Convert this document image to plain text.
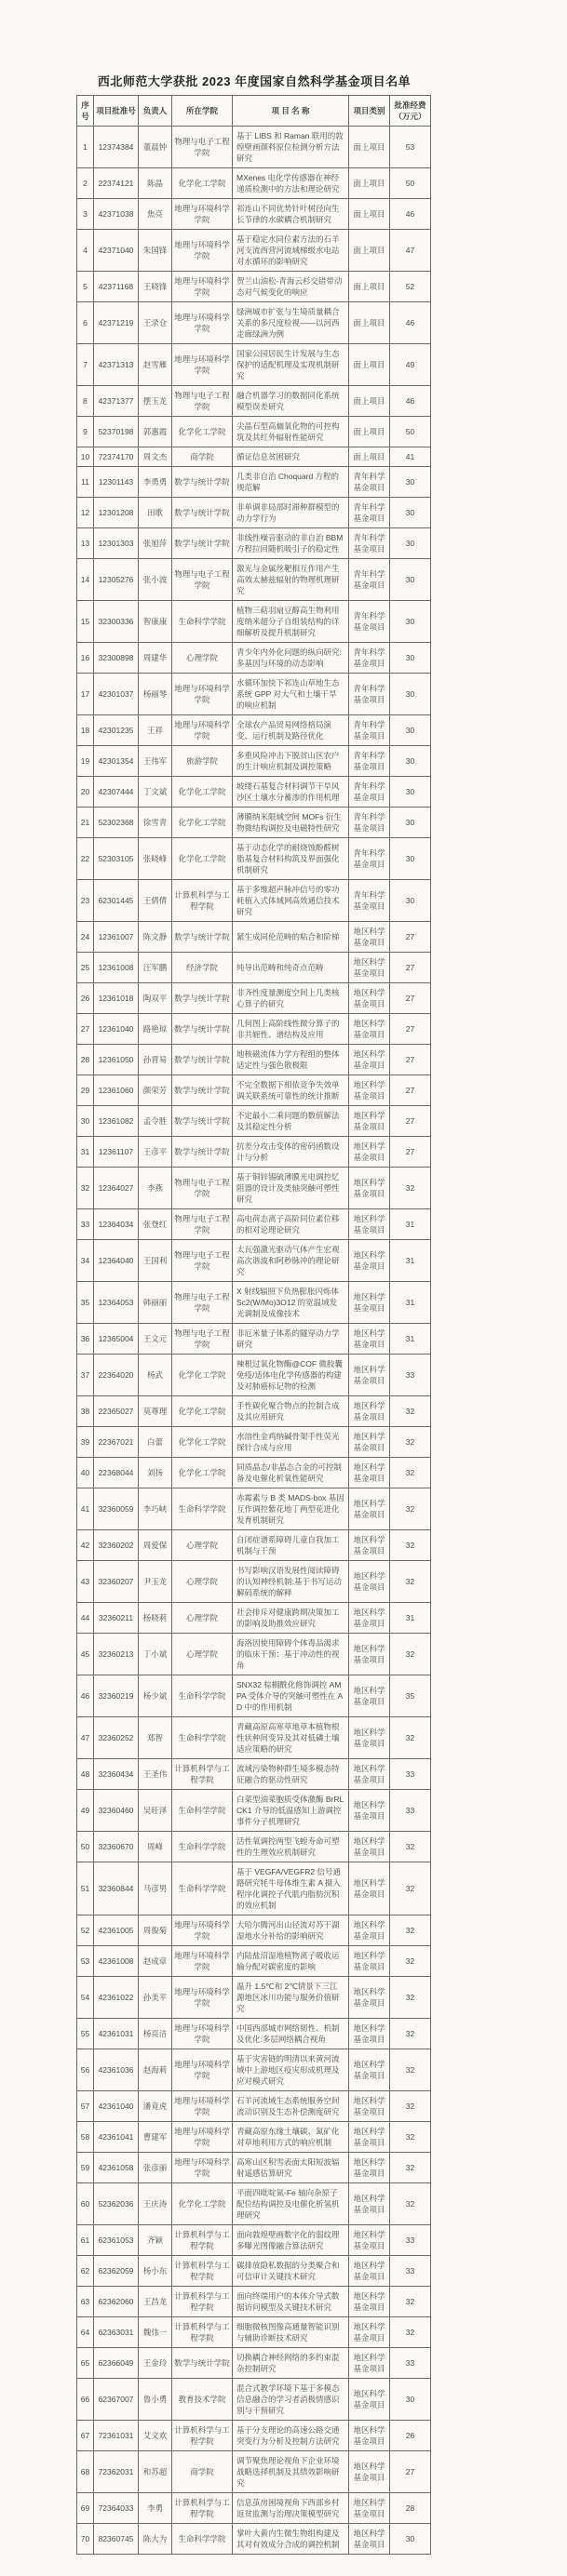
西北师范大学获批 2023 年度国家自然科学基金项目名单
序号	项目批准号	负责人	所在学院	项 目 名 称	项目类别	批准经费
（万元）
1	12374384	董晨钟	物理与电子工程学院	基于 LIBS 和 Raman 联用的敦煌壁画颜料原位检测分析方法研究	面上项目	53
2	22374121	陈晶	化学化工学院	MXenes 电化学传感器在神经递质检测中的方法和理论研究	面上项目	50
3	42371038	焦亮	地理与环境科学学院	祁连山不同优势针叶树径向生长节律的水碳耦合机制研究	面上项目	46
4	42371040	朱国锋	地理与环境科学学院	基于稳定水同位素方法的石羊河支流西营河流域梯级水电站对水循环的影响研究	面上项目	47
5	42371168	王晓锋	地理与环境科学学院	贺兰山油松-青海云杉交错带动态对气候变化的响应	面上项目	52
6	42371219	王录仓	地理与环境科学学院	绿洲城市扩张与生境质量耦合关系的多尺度检视——以河西走廊绿洲为例	面上项目	46
7	42371313	赵雪雁	地理与环境科学学院	国家公园居民生计发展与生态保护的适配机理及实现机制研究	面上项目	49
8	42371377	摆玉龙	物理与电子工程学院	融合机器学习的数据同化系统模型误差研究	面上项目	46
9	52370198	郭惠霞	化学化工学院	尖晶石型高熵氧化物的可控构筑及其红外辐射性能研究	面上项目	50
10	72374170	周文杰	商学院	循证信息贫困研究	面上项目	41
11	12301143	李勇勇	数学与统计学院	几类非自治 Choquard 方程的规范解	青年科学基金项目	30
12	12301208	田歌	数学与统计学院	非单调非局部时滞种群模型的动力学行为	青年科学基金项目	30
13	12301303	张旭萍	数学与统计学院	非线性噪音驱动的非自治 BBM 方程拉回随机吸引子的稳定性	青年科学基金项目	30
14	12305276	张小波	物理与电子工程学院	激光与金属丝靶相互作用产生高效太赫兹辐射的物理机理研究	青年科学基金项目	30
15	32300336	智康康	生命科学学院	植物三萜羽扇豆醇高生物利用度纳米超分子自组装结构的详细解析及提升机制研究	青年科学基金项目	30
16	32300898	周建华	心理学院	青少年内外化问题的纵向研究:多基因与环境的动态影响	青年科学基金项目	30
17	42301037	杨丽琴	地理与环境科学学院	水循环加快下祁连山草地生态系统 GPP 对大气和土壤干旱的响应机制	青年科学基金项目	30
18	42301235	王祥	地理与环境科学学院	全球农产品贸易网络格局演变、运行机制及路径优化	青年科学基金项目	30
19	42301354	王伟军	旅游学院	多重风险冲击下脱贫山区农户的生计响应机制及调控策略	青年科学基金项目	30
20	42307444	丁文斌	化学化工学院	坡缕石基复合材料调节干旱风沙区土壤水分蓄渗的作用机理	青年科学基金项目	30
21	52302368	徐雪青	化学化工学院	薄膜纳米限域空间 MOFs 衍生物微结构调控及电磁特性研究	青年科学基金项目	30
22	52303105	张晓峰	化学化工学院	基于动态化学的耐烧蚀酚醛树脂基复合材料构筑及界面强化机制研究	青年科学基金项目	30
23	62301445	王倩倩	计算机科学与工程学院	基于多维超声脉冲信号的零功耗植入式体域网高效通信技术研究	青年科学基金项目	30
24	12361007	陈文静	数学与统计学院	紧生成同伦范畴的粘合和阶梯	地区科学基金项目	27
25	12361008	汪军鹏	经济学院	纯导出范畴和纯奇点范畴	地区科学基金项目	27
26	12361018	陶双平	数学与统计学院	非齐性度量测度空间上几类核心算子的研究	地区科学基金项目	27
27	12361040	路艳琼	数学与统计学院	几何图上高阶线性微分算子的非共轭性、谱结构及应用	地区科学基金项目	27
28	12361050	孙晋易	数学与统计学院	地核磁流体力学方程组的整体适定性与强色散极限	地区科学基金项目	27
29	12361060	颜荣芳	数学与统计学院	不完全数据下相依竞争失效单调关联系统可靠性的统计推断	地区科学基金项目	27
30	12361082	孟令胜	数学与统计学院	不定最小二乘问题的数值解法及其稳定性分析	地区科学基金项目	27
31	12361107	王彦平	数学与统计学院	抗差分攻击变体的密码函数设计与分析	地区科学基金项目	27
32	12364027	李燕	物理与电子工程学院	基于铜锌锡硫薄膜光电调控忆阻器的设计及类轴突触可塑性研究	地区科学基金项目	32
33	12364034	张登红	物理与电子工程学院	高电荷态离子高阶同位素位移的相对论理论研究	地区科学基金项目	31
34	12364040	王国利	物理与电子工程学院	太瓦强激光驱动气体产生宏观高次谐波和阿秒脉冲的理论研究	地区科学基金项目	31
35	12364053	韩丽丽	物理与电子工程学院	X 射线辐照下负热膨胀闪烁体 Sc2(W/Mo)3O12 的宽温域发光调制及成像技术	地区科学基金项目	31
36	12365004	王文元	物理与电子工程学院	非厄米量子体系的隧穿动力学研究	地区科学基金项目	31
37	22364020	杨武	化学化工学院	辣根过氧化物酶@COF 微胶囊免疫/适体电化学传感器的构建及对肺癌标记物的检测	地区科学基金项目	33
38	22365027	莫尊理	化学化工学院	手性碳化聚合物点的控制合成及其应用研究	地区科学基金项目	32
39	22367021	白蕾	化学化工学院	水溶性金鸡纳碱骨架手性荧光探针合成与应用	地区科学基金项目	32
40	22368044	刘扬	化学化工学院	同质晶态/非晶态合金的可控制备及电催化析氧性能研究	地区科学基金项目	32
41	32360059	李巧峡	生命科学学院	赤霉素与 B 类 MADS-box 基因互作调控紫花地丁两型花进化发育机制研究	地区科学基金项目	32
42	32360202	周爱保	心理学院	自闭症谱系障碍儿童自我加工机制与干预	地区科学基金项目	32
43	32360207	尹玉龙	心理学院	书写影响汉语发展性阅读障碍的认知神经机制:基于书写运动解码系统的解释	地区科学基金项目	32
44	32360211	杨晓莉	心理学院	社会排斥对健康跨期决策加工的影响及助推效应研究	地区科学基金项目	31
45	32360213	丁小斌	心理学院	海洛因使用障碍个体毒品渴求的临床干预：基于冲动性的视角	地区科学基金项目	32
46	32360219	杨少斌	生命科学学院	SNX32 棕榈酰化修饰调控 AMPA 受体介导的突触可塑性在 AD 中的作用机制	地区科学基金项目	35
47	32360252	郑智	生命科学学院	青藏高原高寒草地草本植物根性状种间变异及其对低磷土壤适应策略的研究	地区科学基金项目	32
48	32360434	王圣伟	计算机科学与工程学院	流域污染物种群生境多模态特征融合的驱动性研究	地区科学基金项目	33
49	32360460	吴旺泽	生命科学学院	白菜型油菜胞质受体激酶 BrRLCK1 介导的低温感知上游调控事件分子机理研究	地区科学基金项目	33
50	32360670	周峰	生命科学学院	活性氧调控两型飞蝗寿命可塑性的生理效应机制研究	地区科学基金项目	32
51	32360844	马彦男	生命科学学院	基于 VEGFA/VEGFR2 信号通路研究牦牛母体维生素 A 摄入程序化调控子代肌内脂肪沉积的效应机制	地区科学基金项目	32
52	42361005	周俊菊	地理与环境科学学院	大哈尔腾河出山径流对苏干湖湿地水分补给的影响研究	地区科学基金项目	32
53	42361008	赵成章	地理与环境科学学院	内陆盐沼湿地植物离子吸收运输分配对碳密度的影响	地区科学基金项目	32
54	42361022	孙美平	地理与环境科学学院	温升 1.5℃和 2℃情景下三江源地区冰川功能与服务价值研究	地区科学基金项目	32
55	42361031	杨亮洁	地理与环境科学学院	中国西部城市网络韧性、机制及优化:多层网络耦合视角	地区科学基金项目	32
56	42361036	赵海莉	地理与环境科学学院	基于灾害链的明清以来黄河流域中上游地区疫灾形成机理及应对模式研究	地区科学基金项目	32
57	42361040	潘竟虎	地理与环境科学学院	石羊河流域生态系统服务空间流动识别及生态补偿测度研究	地区科学基金项目	32
58	42361041	曹建军	地理与环境科学学院	青藏高原东缘土壤碳、氮矿化对草地利用方式的响应机制	地区科学基金项目	32
59	42361058	张彦丽	地理与环境科学学院	高寒山区积雪表面太阳短波辐射遥感估算研究	地区科学基金项目	32
60	52362036	王庆涛	化学化工学院	平面四吡啶氮-Fe 轴向杂原子配位结构调控及电催化析氢机理研究	地区科学基金项目	32
61	62361053	齐颖	计算机科学与工程学院	面向敦煌壁画数字化的弱纹理多曝光图像融合算法研究	地区科学基金项目	33
62	62362059	杨小东	计算机科学与工程学院	碳排放隐私数据的分类聚合和可信审计关键技术研究	地区科学基金项目	33
63	62362060	王昌龙	计算机科学与工程学院	面向终端用户的本体介导式数据访问模型及关键技术研究	地区科学基金项目	32
64	62363031	魏伟一	计算机科学与工程学院	细胞微核图像高通量智能识别与辅助诊断技术研究	地区科学基金项目	32
65	62366049	王金玲	数学与统计学院	切换耦合神经网络的多约束混杂控制研究	地区科学基金项目	33
66	62367007	鲁小勇	教育技术学院	混合式教学环境下基于多模态信息融合的学习者消极情感识别与干预研究	地区科学基金项目	30
67	72361031	艾文欢	计算机科学与工程学院	基于分支理论的高速公路交通突变行为分析及控制方法研究	地区科学基金项目	26
68	72362031	和苏超	商学院	调节聚焦理论视角下企业环境战略选择机制及其绩效影响研究	地区科学基金项目	27
69	72364033	李勇	计算机科学与工程学院	信息茧房困境视角下西部乡村返贫监测与治理决策模型研究	地区科学基金项目	28
70	82360745	陈大为	生命科学学院	掌叶大黄内生微生物组构建及其对有效成分合成的调控机制	地区科学基金项目	30
